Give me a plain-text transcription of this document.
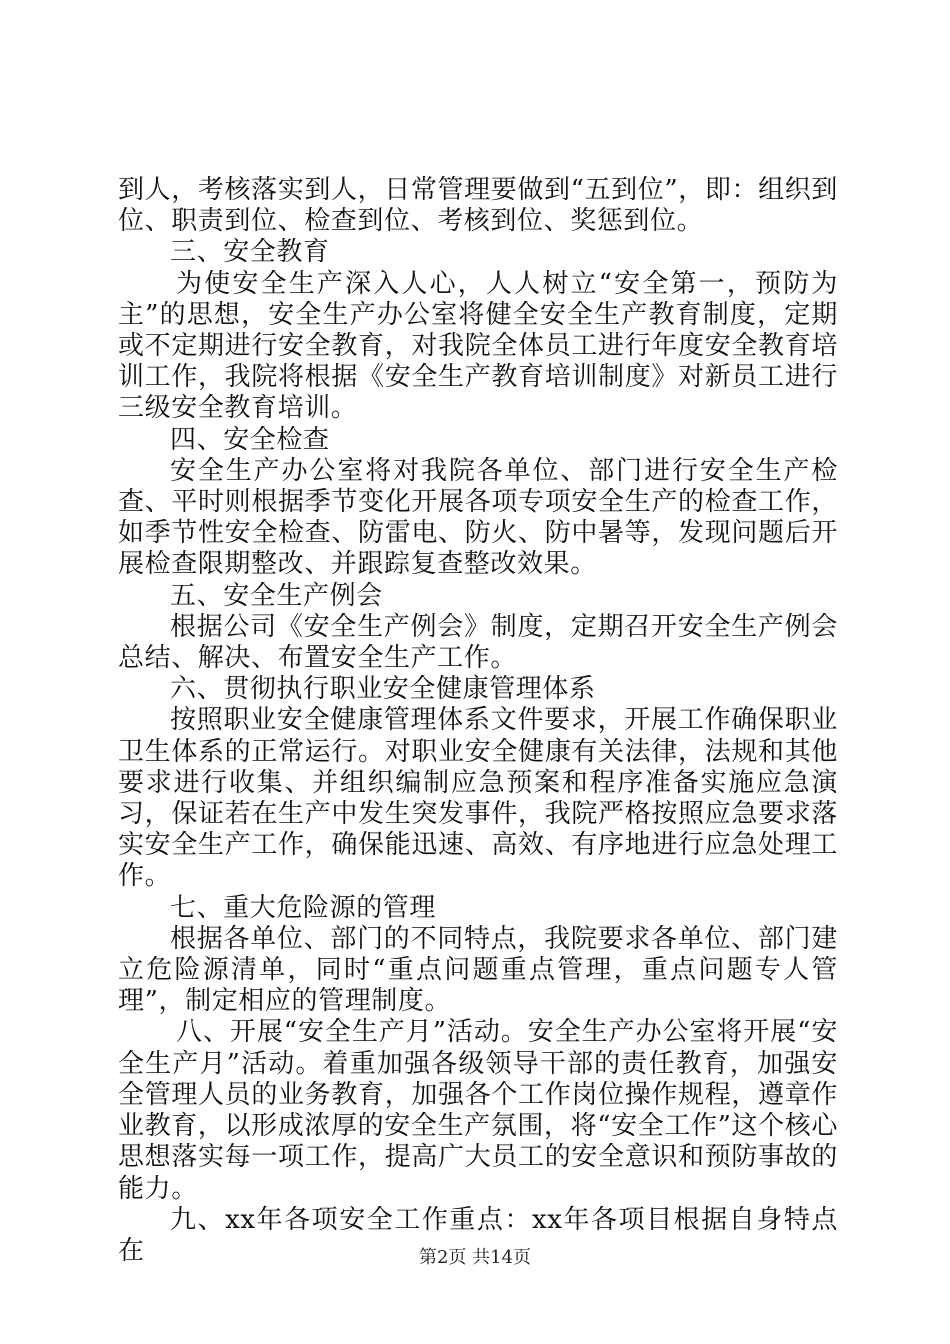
到人，考核落实到人，日常管理要做到“五到位”，即：组织到位、职责到位、检查到位、考核到位、奖惩到位。

三、安全教育

为使安全生产深入人心，人人树立“安全第一，预防为主”的思想，安全生产办公室将健全安全生产教育制度，定期或不定期进行安全教育，对我院全体员工进行年度安全教育培训工作，我院将根据《安全生产教育培训制度》对新员工进行三级安全教育培训。

四、安全检查

安全生产办公室将对我院各单位、部门进行安全生产检查、平时则根据季节变化开展各项专项安全生产的检查工作，如季节性安全检查、防雷电、防火、防中暑等，发现问题后开展检查限期整改、并跟踪复查整改效果。

五、安全生产例会

根据公司《安全生产例会》制度，定期召开安全生产例会总结、解决、布置安全生产工作。

六、贯彻执行职业安全健康管理体系

按照职业安全健康管理体系文件要求，开展工作确保职业卫生体系的正常运行。对职业安全健康有关法律，法规和其他要求进行收集、并组织编制应急预案和程序准备实施应急演习，保证若在生产中发生突发事件，我院严格按照应急要求落实安全生产工作，确保能迅速、高效、有序地进行应急处理工作。

七、重大危险源的管理

根据各单位、部门的不同特点，我院要求各单位、部门建立危险源清单，同时“重点问题重点管理，重点问题专人管理”，制定相应的管理制度。

八、开展“安全生产月”活动。安全生产办公室将开展“安全生产月”活动。着重加强各级领导干部的责任教育，加强安全管理人员的业务教育，加强各个工作岗位操作规程，遵章作业教育，以形成浓厚的安全生产氛围，将“安全工作”这个核心思想落实每一项工作，提高广大员工的安全意识和预防事故的能力。

九、xx年各项安全工作重点：xx年各项目根据自身特点在	第2页 共14页
